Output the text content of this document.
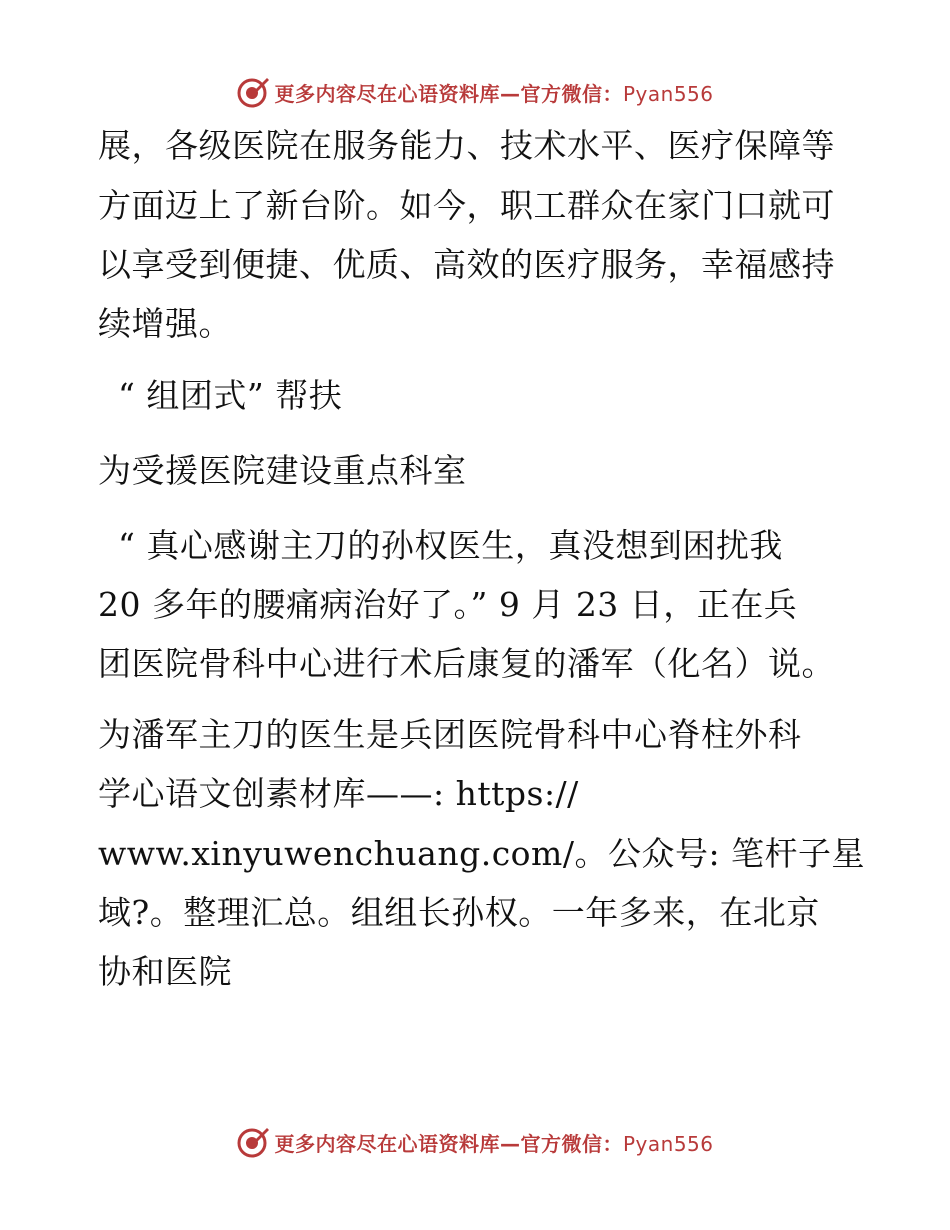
更多内容尽在心语资料库—官方微信：Pyan556
展，各级医院在服务能力、技术水平、医疗保障等
方面迈上了新台阶。如今，职工群众在家门口就可
以享受到便捷、优质、高效的医疗服务，幸福感持
续增强。
“ 组团式” 帮扶
为受援医院建设重点科室
“ 真心感谢主刀的孙权医生，真没想到困扰我
20 多年的腰痛病治好了。” 9 月 23 日，正在兵
团医院骨科中心进行术后康复的潘军（化名）说。
为潘军主刀的医生是兵团医院骨科中心脊柱外科
学心语文创素材库——: https://
www.xinyuwenchuang.com/。公众号: 笔杆子星
域?。整理汇总。组组长孙权。一年多来，在北京
协和医院
更多内容尽在心语资料库—官方微信：Pyan556
